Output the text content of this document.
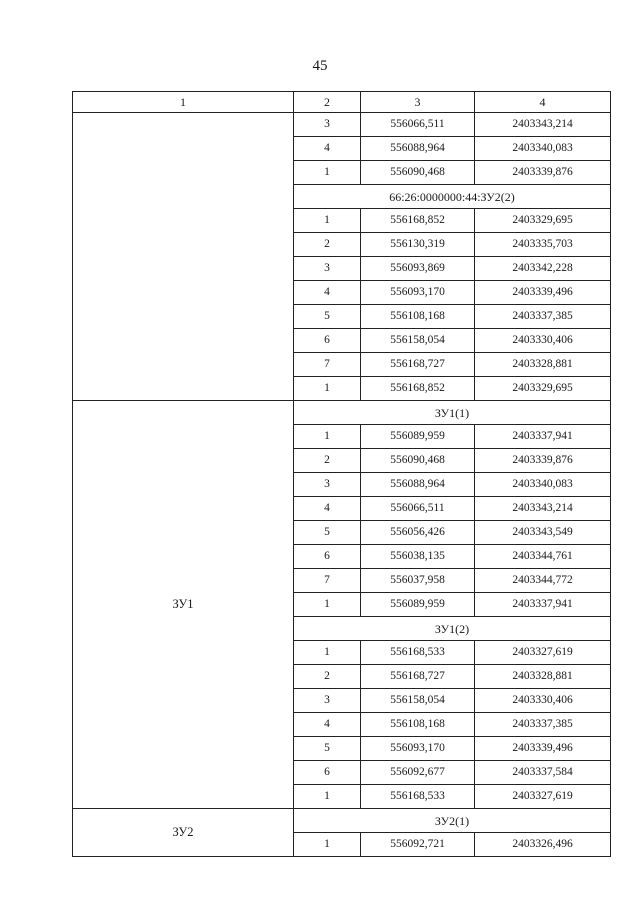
45
1	2	3	4
	3	556066,511	2403343,214
	4	556088,964	2403340,083
	1	556090,468	2403339,876
	66:26:0000000:44:ЗУ2(2)		
	1	556168,852	2403329,695
	2	556130,319	2403335,703
	3	556093,869	2403342,228
	4	556093,170	2403339,496
	5	556108,168	2403337,385
	6	556158,054	2403330,406
	7	556168,727	2403328,881
	1	556168,852	2403329,695
ЗУ1	ЗУ1(1)		
	1	556089,959	2403337,941
	2	556090,468	2403339,876
	3	556088,964	2403340,083
	4	556066,511	2403343,214
	5	556056,426	2403343,549
	6	556038,135	2403344,761
	7	556037,958	2403344,772
	1	556089,959	2403337,941
	ЗУ1(2)		
	1	556168,533	2403327,619
	2	556168,727	2403328,881
	3	556158,054	2403330,406
	4	556108,168	2403337,385
	5	556093,170	2403339,496
	6	556092,677	2403337,584
	1	556168,533	2403327,619
ЗУ2	ЗУ2(1)		
	1	556092,721	2403326,496
